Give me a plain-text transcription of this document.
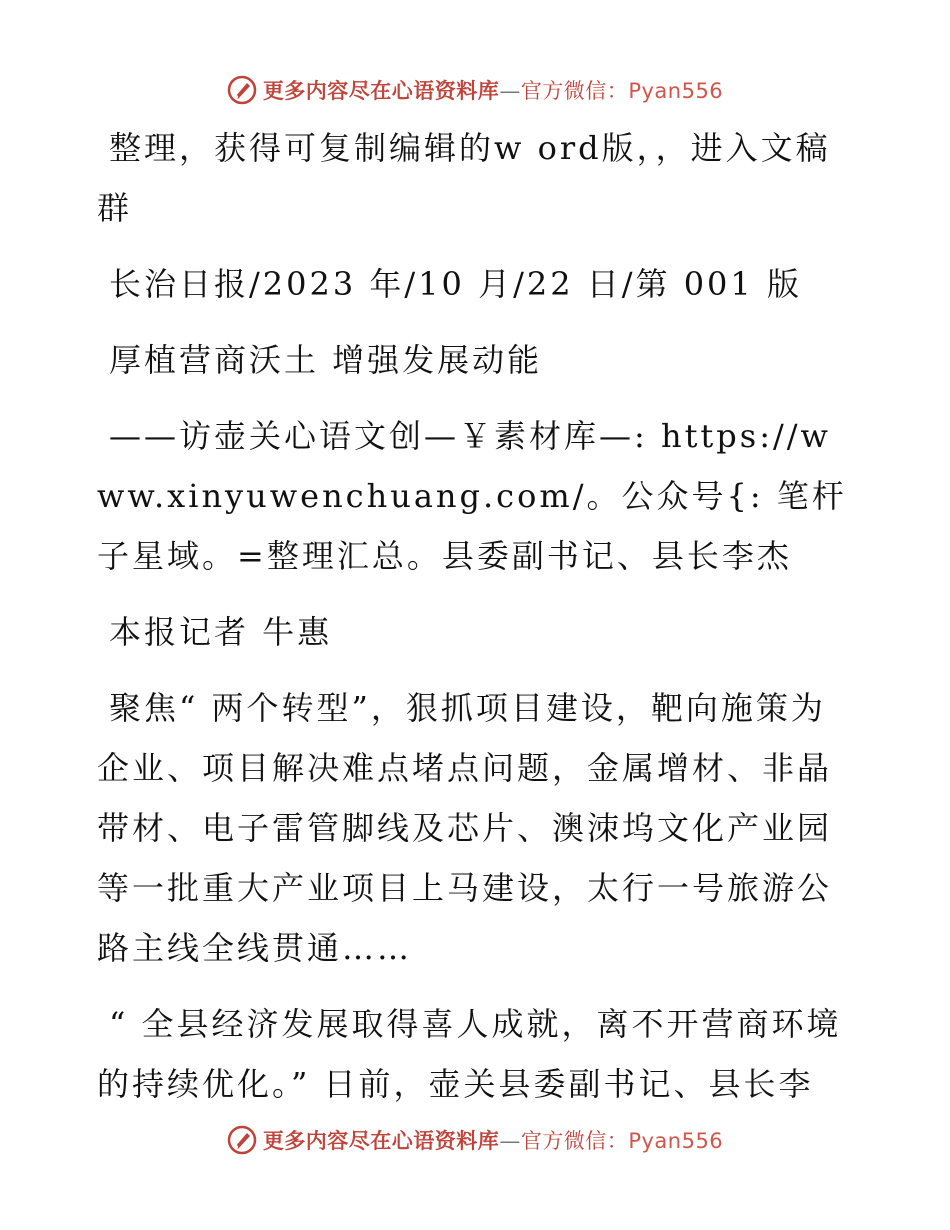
更多内容尽在心语资料库—官方微信：Pyan556

整理，获得可复制编辑的w ord版，，进入文稿群

长治日报/2023 年/10 月/22 日/第 001 版

厚植营商沃土 增强发展动能

——访壶关心语文创—￥素材库—: https://www.xinyuwenchuang.com/。公众号{: 笔杆子星域。=整理汇总。县委副书记、县长李杰

本报记者 牛惠

聚焦“ 两个转型”，狠抓项目建设，靶向施策为企业、项目解决难点堵点问题，金属增材、非晶带材、电子雷管脚线及芯片、澳洓坞文化产业园等一批重大产业项目上马建设，太行一号旅游公路主线全线贯通……

“ 全县经济发展取得喜人成就，离不开营商环境的持续优化。” 日前，壶关县委副书记、县长李

更多内容尽在心语资料库—官方微信：Pyan556
